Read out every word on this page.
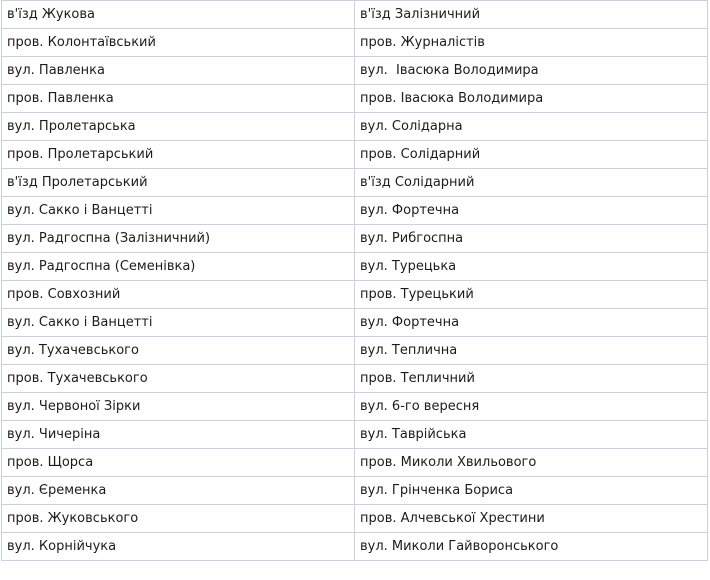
в'їзд Жукова	в'їзд Залізничний
пров. Колонтаївський	пров. Журналістів
вул. Павленка	вул.  Івасюка Володимира
пров. Павленка	пров. Івасюка Володимира
вул. Пролетарська	вул. Солідарна
пров. Пролетарський	пров. Солідарний
в'їзд Пролетарський	в'їзд Солідарний
вул. Сакко і Ванцетті	вул. Фортечна
вул. Радгоспна (Залізничний)	вул. Рибгоспна
вул. Радгоспна (Семенівка)	вул. Турецька
пров. Совхозний	пров. Турецький
вул. Сакко і Ванцетті	вул. Фортечна
вул. Тухачевського	вул. Теплична
пров. Тухачевського	пров. Тепличний
вул. Червоної Зірки	вул. 6-го вересня
вул. Чичеріна	вул. Таврійська
пров. Щорса	пров. Миколи Хвильового
вул. Єременка	вул. Грінченка Бориса
пров. Жуковського	пров. Алчевської Хрестини
вул. Корнійчука	вул. Миколи Гайворонського
